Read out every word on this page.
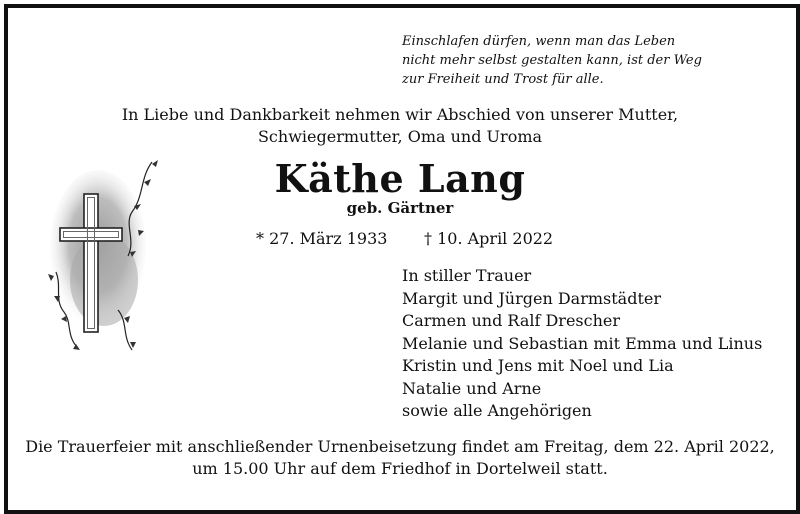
Einschlafen dürfen, wenn man das Leben
nicht mehr selbst gestalten kann, ist der Weg
zur Freiheit und Trost für alle.
In Liebe und Dankbarkeit nehmen wir Abschied von unserer Mutter,
Schwiegermutter, Oma und Uroma
Käthe Lang
geb. Gärtner
* 27. März 1933 † 10. April 2022
In stiller Trauer
Margit und Jürgen Darmstädter
Carmen und Ralf Drescher
Melanie und Sebastian mit Emma und Linus
Kristin und Jens mit Noel und Lia
Natalie und Arne
sowie alle Angehörigen
Die Trauerfeier mit anschließender Urnenbeisetzung findet am Freitag, dem 22. April 2022,
um 15.00 Uhr auf dem Friedhof in Dortelweil statt.
